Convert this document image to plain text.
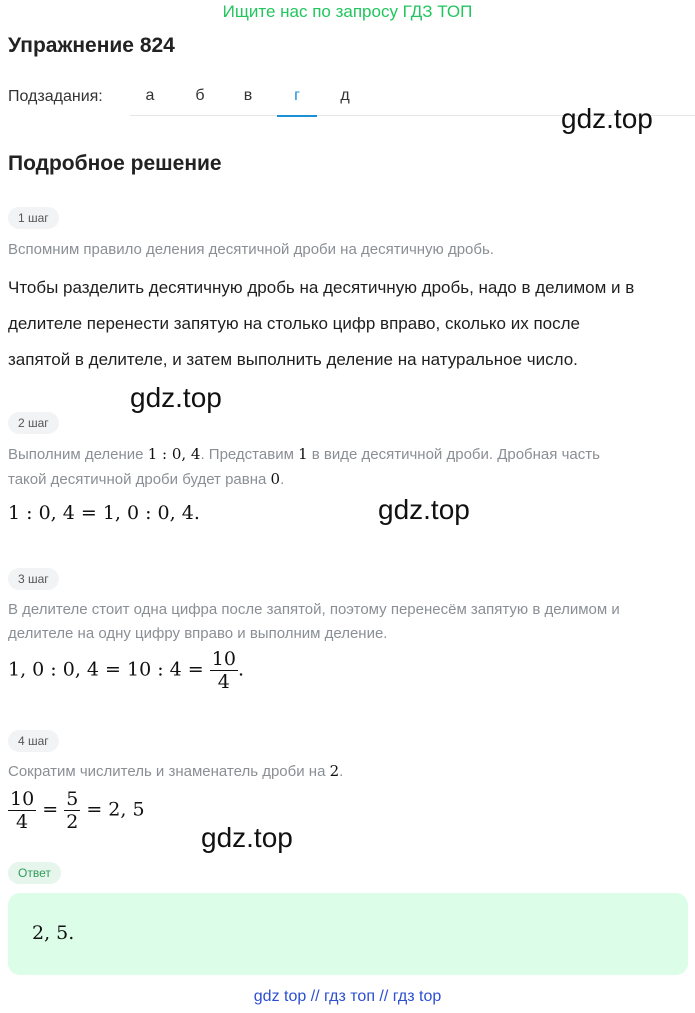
Ищите нас по запросу ГДЗ ТОП
Упражнение 824
Подзадания:	а	б	в	г	д
gdz.top
Подробное решение
1 шаг
Вспомним правило деления десятичной дроби на десятичную дробь.
Чтобы разделить десятичную дробь на десятичную дробь, надо в делимом и в
делителе перенести запятую на столько цифр вправо, сколько их после
запятой в делителе, и затем выполнить деление на натуральное число.
gdz.top
2 шаг
Выполним деление 1 : 0, 4. Представим 1 в виде десятичной дроби. Дробная часть
такой десятичной дроби будет равна 0.
1 : 0, 4 = 1, 0 : 0, 4.	gdz.top
3 шаг
В делителе стоит одна цифра после запятой, поэтому перенесём запятую в делимом и
делителе на одну цифру вправо и выполним деление.
1, 0 : 0, 4 = 10 : $4 = \frac{10}{4}$ .
4 шаг
Сократим числитель и знаменатель дроби на 2.
$\frac{10}{4} = \frac{5}{2} = 2$, 5
gdz.top
Ответ
2, 5.
gdz top // гдз топ // гдз top
